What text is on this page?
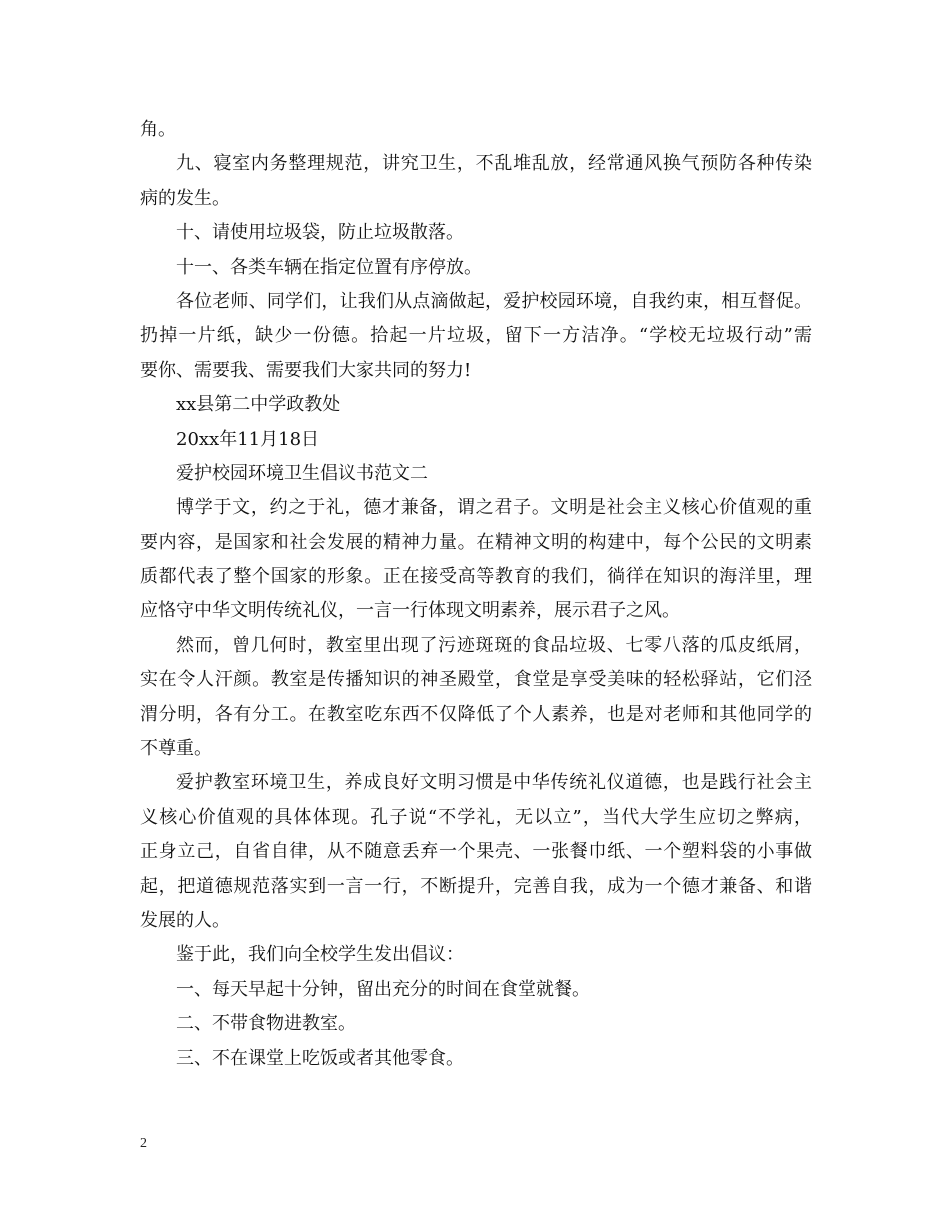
角。
九、寝室内务整理规范，讲究卫生，不乱堆乱放，经常通风换气预防各种传染
病的发生。
十、请使用垃圾袋，防止垃圾散落。
十一、各类车辆在指定位置有序停放。
各位老师、同学们，让我们从点滴做起，爱护校园环境，自我约束，相互督促。
扔掉一片纸，缺少一份德。拾起一片垃圾，留下一方洁净。“学校无垃圾行动”需
要你、需要我、需要我们大家共同的努力!
xx县第二中学政教处
20xx年11月18日
爱护校园环境卫生倡议书范文二
博学于文，约之于礼，德才兼备，谓之君子。文明是社会主义核心价值观的重
要内容，是国家和社会发展的精神力量。在精神文明的构建中，每个公民的文明素
质都代表了整个国家的形象。正在接受高等教育的我们，徜徉在知识的海洋里，理
应恪守中华文明传统礼仪，一言一行体现文明素养，展示君子之风。
然而，曾几何时，教室里出现了污迹斑斑的食品垃圾、七零八落的瓜皮纸屑，
实在令人汗颜。教室是传播知识的神圣殿堂，食堂是享受美味的轻松驿站，它们泾
渭分明，各有分工。在教室吃东西不仅降低了个人素养，也是对老师和其他同学的
不尊重。
爱护教室环境卫生，养成良好文明习惯是中华传统礼仪道德，也是践行社会主
义核心价值观的具体体现。孔子说“不学礼，无以立”，当代大学生应切之弊病，
正身立己，自省自律，从不随意丢弃一个果壳、一张餐巾纸、一个塑料袋的小事做
起，把道德规范落实到一言一行，不断提升，完善自我，成为一个德才兼备、和谐
发展的人。
鉴于此，我们向全校学生发出倡议：
一、每天早起十分钟，留出充分的时间在食堂就餐。
二、不带食物进教室。
三、不在课堂上吃饭或者其他零食。
2
